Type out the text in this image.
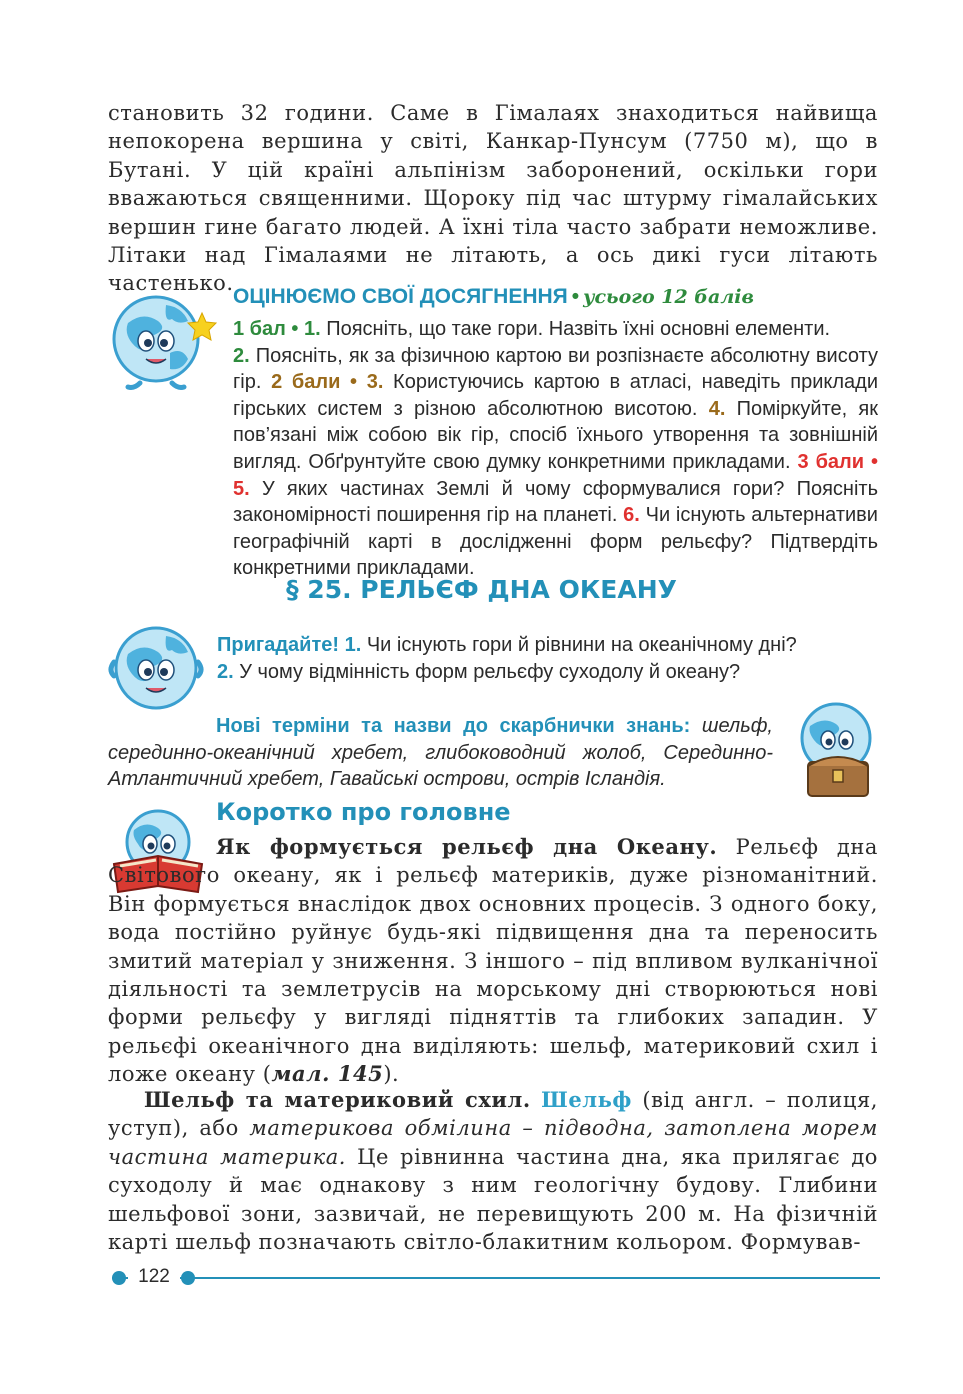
становить 32 години. Саме в Гімалаях знаходиться найвища непокорена вершина у світі, Канкар-Пунсум (7750 м), що в Бутані. У цій країні альпінізм заборонений, оскільки гори вважаються священними. Щороку під час штурму гімалайських вершин гине багато людей. А їхні тіла часто забрати неможливе. Літаки над Гімалаями не літають, а ось дикі гуси літають частенько.

ОЦІНЮЄМО СВОЇ ДОСЯГНЕННЯ • усього 12 балів

1 бал • 1. Поясніть, що таке гори. Назвіть їхні основні елементи.
2. Поясніть, як за фізичною картою ви розпізнаєте абсолютну висоту гір. 2 бали • 3. Користуючись картою в атласі, наведіть приклади гірських систем з різною абсолютною висотою. 4. Поміркуйте, як пов’язані між собою вік гір, спосіб їхнього утворення та зовнішній вигляд. Обґрунтуйте свою думку конкретними прикладами. 3 бали • 5. У яких частинах Землі й чому сформувалися гори? Поясніть закономірності поширення гір на планеті. 6. Чи існують альтернативи географічній карті в дослідженні форм рельєфу? Підтвердіть конкретними прикладами.

§ 25. РЕЛЬЄФ ДНА ОКЕАНУ

Пригадайте! 1. Чи існують гори й рівнини на океанічному дні?
2. У чому відмінність форм рельєфу суходолу й океану?

Нові терміни та назви до скарбнички знань: шельф, серединно-океанічний хребет, глибоководний жолоб, Серединно-Атлантичний хребет, Гавайські острови, острів Ісландія.

Коротко про головне

Як формується рельєф дна Океану. Рельєф дна Світового океану, як і рельєф материків, дуже різноманітний. Він формується внаслідок двох основних процесів. З одного боку, вода постійно руйнує будь-які підвищення дна та переносить змитий матеріал у зниження. З іншого – під впливом вулканічної діяльності та землетрусів на морському дні створюються нові форми рельєфу у вигляді підняттів та глибоких западин. У рельєфі океанічного дна виділяють: шельф, материковий схил і ложе океану (мал. 145).

Шельф та материковий схил. Шельф (від англ. – полиця, уступ), або материкова обмілина – підводна, затоплена морем частина материка. Це рівнинна частина дна, яка прилягає до суходолу й має однакову з ним геологічну будову. Глибини шельфової зони, зазвичай, не перевищують 200 м. На фізичній карті шельф позначають світло-блакитним кольором. Формував-

122
